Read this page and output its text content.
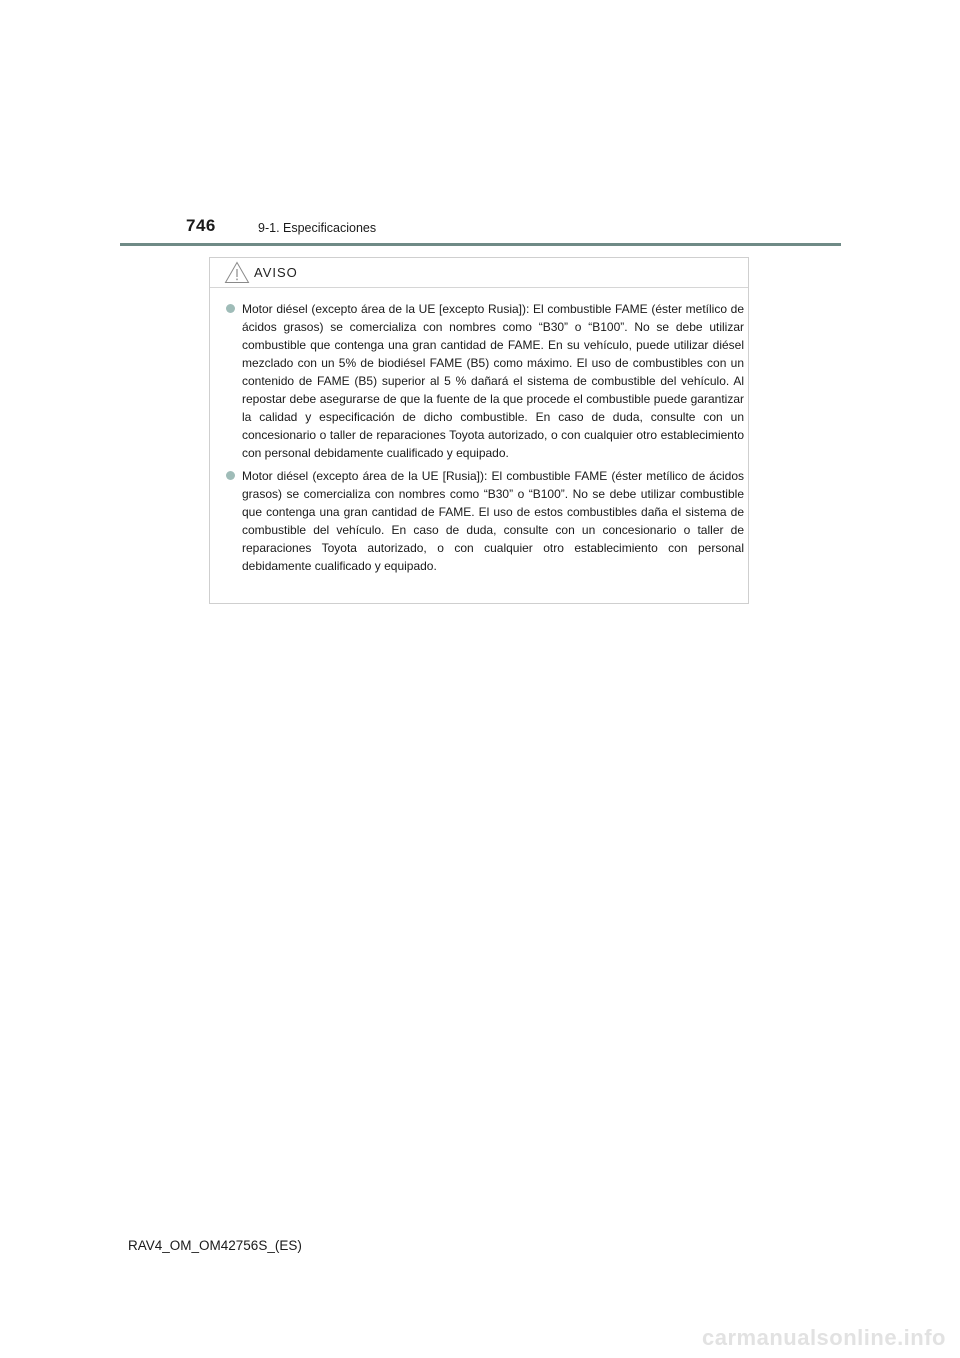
746	9-1. Especificaciones
AVISO
Motor diésel (excepto área de la UE [excepto Rusia]): El combustible FAME (éster metílico de ácidos grasos) se comercializa con nombres como “B30” o “B100”. No se debe utilizar combustible que contenga una gran cantidad de FAME. En su vehículo, puede utilizar diésel mezclado con un 5% de biodiésel FAME (B5) como máximo. El uso de combustibles con un contenido de FAME (B5) superior al 5 % dañará el sistema de combustible del vehículo. Al repostar debe asegurarse de que la fuente de la que procede el combustible puede garantizar la calidad y especificación de dicho combustible. En caso de duda, consulte con un concesionario o taller de reparaciones Toyota autorizado, o con cualquier otro establecimiento con personal debidamente cualificado y equipado.
Motor diésel (excepto área de la UE [Rusia]): El combustible FAME (éster metílico de ácidos grasos) se comercializa con nombres como “B30” o “B100”. No se debe utilizar combustible que contenga una gran cantidad de FAME. El uso de estos combustibles daña el sistema de combustible del vehículo. En caso de duda, consulte con un concesionario o taller de reparaciones Toyota autorizado, o con cualquier otro establecimiento con personal debidamente cualificado y equipado.
RAV4_OM_OM42756S_(ES)
carmanualsonline.info
